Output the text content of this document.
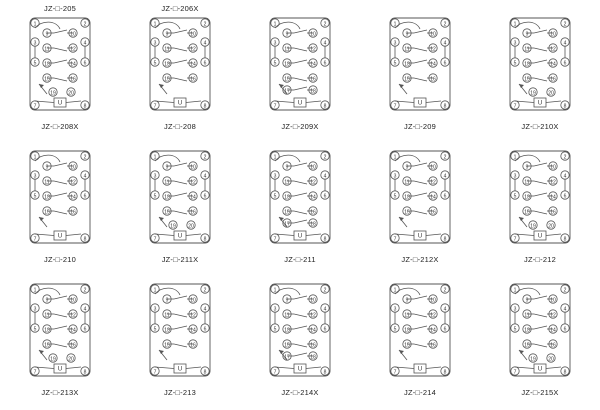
JZ-□-205	JZ-□-206X
1	2
7	8
3	4
5	6
9	10
11	12
13	14
15	16
19 20
U
JZ-□-208X
1	2
7	8
3	4
5	6
9	10
11	12
13	14
15	16
U
JZ-□-208
1	2
7	8
3	4
5	6
9	10
11	12
13	14
15	16
17	18
U
JZ-□-209X
1	2
7	8
3	4
5	6
9	10
11	12
13	14
15	16
U
JZ-□-209
1	2
7	8
3	4
5	6
9	10
11	12
13	14
15	16
19 20
U
JZ-□-210X
1	2
7	8
3	4
5	6
9	10
11	12
13	14
15	16
U
JZ-□-210
1	2
7	8
3	4
5	6
9	10
11	12
13	14
15	16
19 20
U
JZ-□-211X
1	2
7	8
3	4
5	6
9	10
11	12
13	14
15	16
17	18
U
JZ-□-211
1	2
7	8
3	4
5	6
9	10
11	12
13	14
15	16
U
JZ-□-212X
1	2
7	8
3	4
5	6
9	10
11	12
13	14
15	16
19 20
U
JZ-□-212
1	2
7	8
3	4
5	6
9	10
11	12
13	14
15	16
19 20
U
JZ-□-213X
1	2
7	8
3	4
5	6
9	10
11	12
13	14
15	16
U
JZ-□-213
1	2
7	8
3	4
5	6
9	10
11	12
13	14
15	16
17	18
U
JZ-□-214X
1	2
7	8
3	4
5	6
9	10
11	12
13	14
15	16
U
JZ-□-214
1	2
7	8
3	4
5	6
9	10
11	12
13	14
15	16
19 20
U
JZ-□-215X
